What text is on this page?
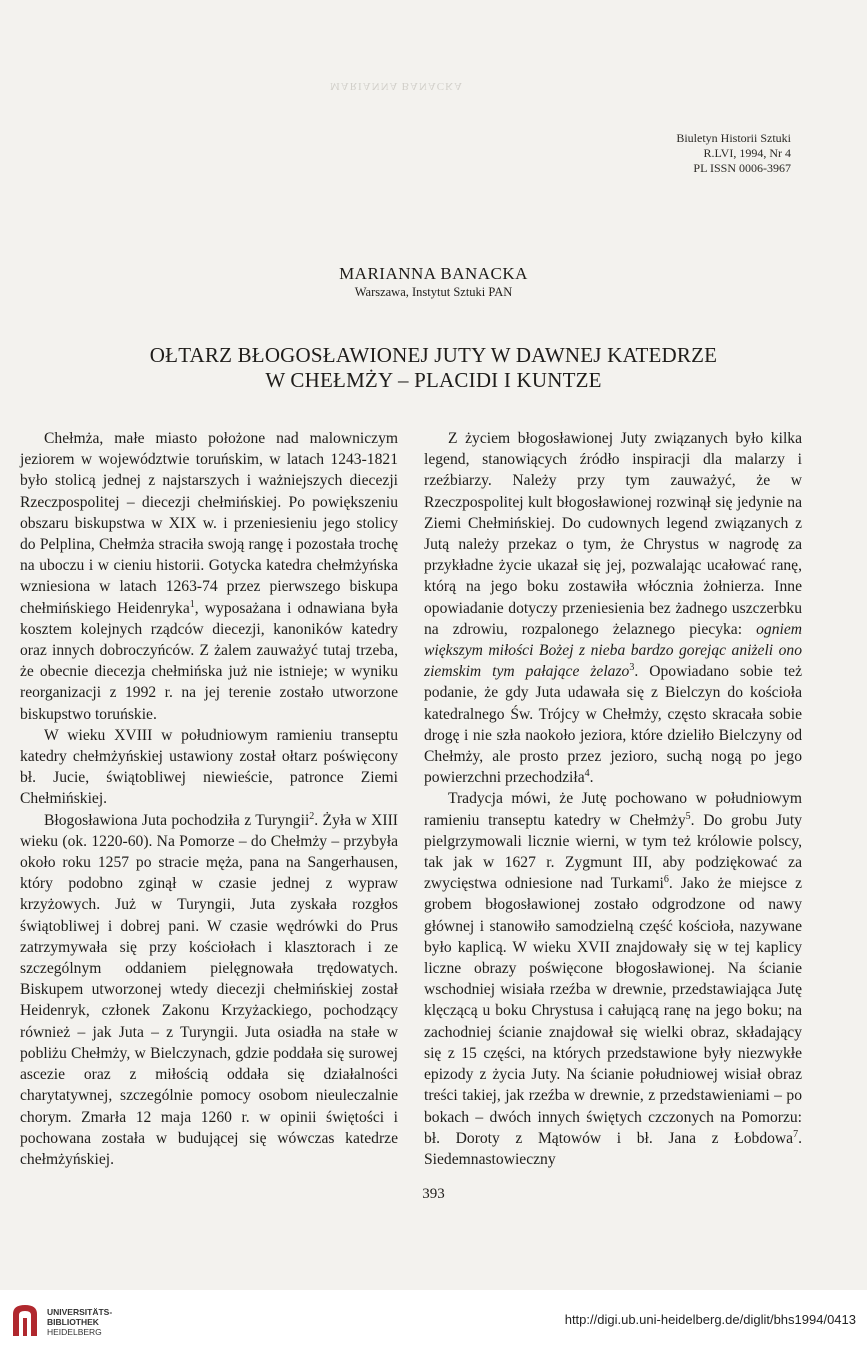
MARIANNA BANACKA
Biuletyn Historii Sztuki
R.LVI, 1994, Nr 4
PL ISSN 0006-3967
MARIANNA BANACKA
Warszawa, Instytut Sztuki PAN
OŁTARZ BŁOGOSŁAWIONEJ JUTY W DAWNEJ KATEDRZE
W CHEŁMŻY – PLACIDI I KUNTZE

Chełmża, małe miasto położone nad malowniczym jeziorem w województwie toruńskim, w latach 1243-1821 było stolicą jednej z najstarszych i ważniejszych diecezji Rzeczpospolitej – diecezji chełmińskiej. Po powiększeniu obszaru biskupstwa w XIX w. i przeniesieniu jego stolicy do Pelplina, Chełmża straciła swoją rangę i pozostała trochę na uboczu i w cieniu historii. Gotycka katedra chełmżyńska wzniesiona w latach 1263-74 przez pierwszego biskupa chełmińskiego Heidenryka$^1$, wyposażana i odnawiana była kosztem kolejnych rządców diecezji, kanoników katedry oraz innych dobroczyńców. Z żalem zauważyć tutaj trzeba, że obecnie diecezja chełmińska już nie istnieje; w wyniku reorganizacji z 1992 r. na jej terenie zostało utworzone biskupstwo toruńskie.

W wieku XVIII w południowym ramieniu transeptu katedry chełmżyńskiej ustawiony został ołtarz poświęcony bł. Jucie, świątobliwej niewieście, patronce Ziemi Chełmińskiej.

Błogosławiona Juta pochodziła z Turyngii$^2$. Żyła w XIII wieku (ok. 1220-60). Na Pomorze – do Chełmży – przybyła około roku 1257 po stracie męża, pana na Sangerhausen, który podobno zginął w czasie jednej z wypraw krzyżowych. Już w Turyngii, Juta zyskała rozgłos świątobliwej i dobrej pani. W czasie wędrówki do Prus zatrzymywała się przy kościołach i klasztorach i ze szczególnym oddaniem pielęgnowała trędowatych. Biskupem utworzonej wtedy diecezji chełmińskiej został Heidenryk, członek Zakonu Krzyżackiego, pochodzący również – jak Juta – z Turyngii. Juta osiadła na stałe w pobliżu Chełmży, w Bielczynach, gdzie poddała się surowej ascezie oraz z miłością oddała się działalności charytatywnej, szczególnie pomocy osobom nieuleczalnie chorym. Zmarła 12 maja 1260 r. w opinii świętości i pochowana została w budującej się wówczas katedrze chełmżyńskiej.

Z życiem błogosławionej Juty związanych było kilka legend, stanowiących źródło inspiracji dla malarzy i rzeźbiarzy. Należy przy tym zauważyć, że w Rzeczpospolitej kult błogosławionej rozwinął się jedynie na Ziemi Chełmińskiej. Do cudownych legend związanych z Jutą należy przekaz o tym, że Chrystus w nagrodę za przykładne życie ukazał się jej, pozwalając ucałować ranę, którą na jego boku zostawiła włócznia żołnierza. Inne opowiadanie dotyczy przeniesienia bez żadnego uszczerbku na zdrowiu, rozpalonego żelaznego piecyka: ogniem większym miłości Bożej z nieba bardzo gorejąc aniżeli ono ziemskim tym pałające żelazo$^3$. Opowiadano sobie też podanie, że gdy Juta udawała się z Bielczyn do kościoła katedralnego Św. Trójcy w Chełmży, często skracała sobie drogę i nie szła naokoło jeziora, które dzieliło Bielczyny od Chełmży, ale prosto przez jezioro, suchą nogą po jego powierzchni przechodziła$^4$.

Tradycja mówi, że Jutę pochowano w południowym ramieniu transeptu katedry w Chełmży$^5$. Do grobu Juty pielgrzymowali licznie wierni, w tym też królowie polscy, tak jak w 1627 r. Zygmunt III, aby podziękować za zwycięstwa odniesione nad Turkami$^6$. Jako że miejsce z grobem błogosławionej zostało odgrodzone od nawy głównej i stanowiło samodzielną część kościoła, nazywane było kaplicą. W wieku XVII znajdowały się w tej kaplicy liczne obrazy poświęcone błogosławionej. Na ścianie wschodniej wisiała rzeźba w drewnie, przedstawiająca Jutę klęczącą u boku Chrystusa i całującą ranę na jego boku; na zachodniej ścianie znajdował się wielki obraz, składający się z 15 części, na których przedstawione były niezwykłe epizody z życia Juty. Na ścianie południowej wisiał obraz treści takiej, jak rzeźba w drewnie, z przedstawieniami – po bokach – dwóch innych świętych czczonych na Pomorzu: bł. Doroty z Mątowów i bł. Jana z Łobdowa$^7$. Siedemnastowieczny

393
UNIVERSITÄTS-
BIBLIOTHEK
HEIDELBERG
http://digi.ub.uni-heidelberg.de/diglit/bhs1994/0413
